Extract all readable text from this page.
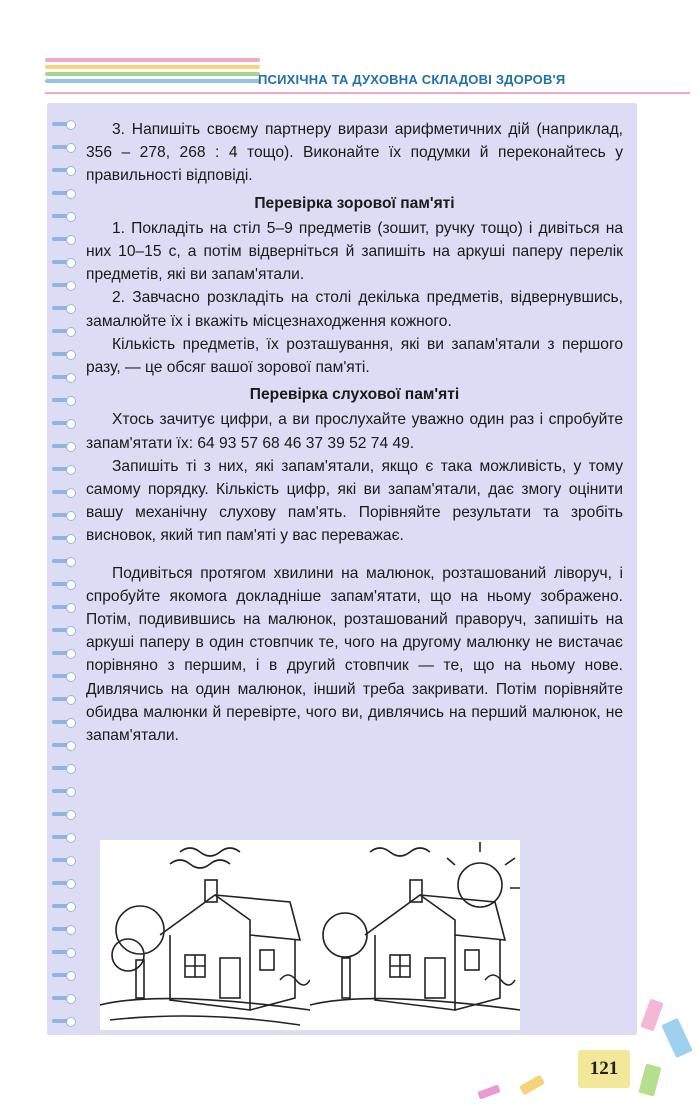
ПСИХІЧНА ТА ДУХОВНА СКЛАДОВІ ЗДОРОВ'Я

3. Напишіть своєму партнеру вирази арифметичних дій (наприклад, 356 – 278, 268 : 4 тощо). Виконайте їх подумки й переконайтесь у правильності відповіді.

Перевірка зорової пам'яті

1. Покладіть на стіл 5–9 предметів (зошит, ручку тощо) і дивіться на них 10–15 с, а потім відверніться й запишіть на аркуші паперу перелік предметів, які ви запам'ятали.

2. Завчасно розкладіть на столі декілька предметів, відвернувшись, замалюйте їх і вкажіть місцезнаходження кожного.

Кількість предметів, їх розташування, які ви запам'ятали з першого разу, — це обсяг вашої зорової пам'яті.

Перевірка слухової пам'яті

Хтось зачитує цифри, а ви прослухайте уважно один раз і спробуйте запам'ятати їх: 64 93 57 68 46 37 39 52 74 49.

Запишіть ті з них, які запам'ятали, якщо є така можливість, у тому самому порядку. Кількість цифр, які ви запам'ятали, дає змогу оцінити вашу механічну слухову пам'ять. Порівняйте результати та зробіть висновок, який тип пам'яті у вас переважає.

Подивіться протягом хвилини на малюнок, розташований ліворуч, і спробуйте якомога докладніше запам'ятати, що на ньому зображено. Потім, подивившись на малюнок, розташований праворуч, запишіть на аркуші паперу в один стовпчик те, чого на другому малюнку не вистачає порівняно з першим, і в другий стовпчик — те, що на ньому нове. Дивлячись на один малюнок, інший треба закривати. Потім порівняйте обидва малюнки й перевірте, чого ви, дивлячись на перший малюнок, не запам'ятали.

121
